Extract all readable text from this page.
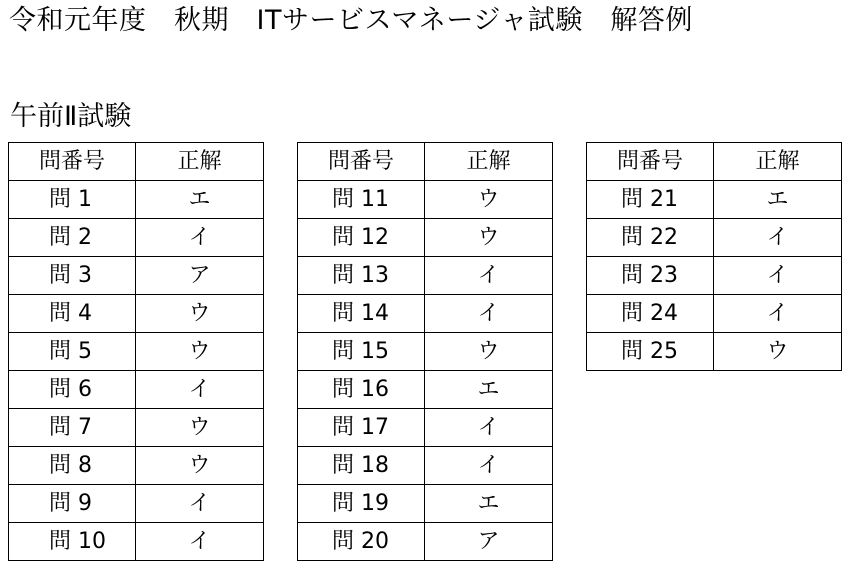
令和元年度　秋期　ITサービスマネージャ試験　解答例
午前Ⅱ試験
問番号	正解
問 1	エ
問 2	イ
問 3	ア
問 4	ウ
問 5	ウ
問 6	イ
問 7	ウ
問 8	ウ
問 9	イ
問 10	イ
問番号	正解
問 11	ウ
問 12	ウ
問 13	イ
問 14	イ
問 15	ウ
問 16	エ
問 17	イ
問 18	イ
問 19	エ
問 20	ア
問番号	正解
問 21	エ
問 22	イ
問 23	イ
問 24	イ
問 25	ウ
